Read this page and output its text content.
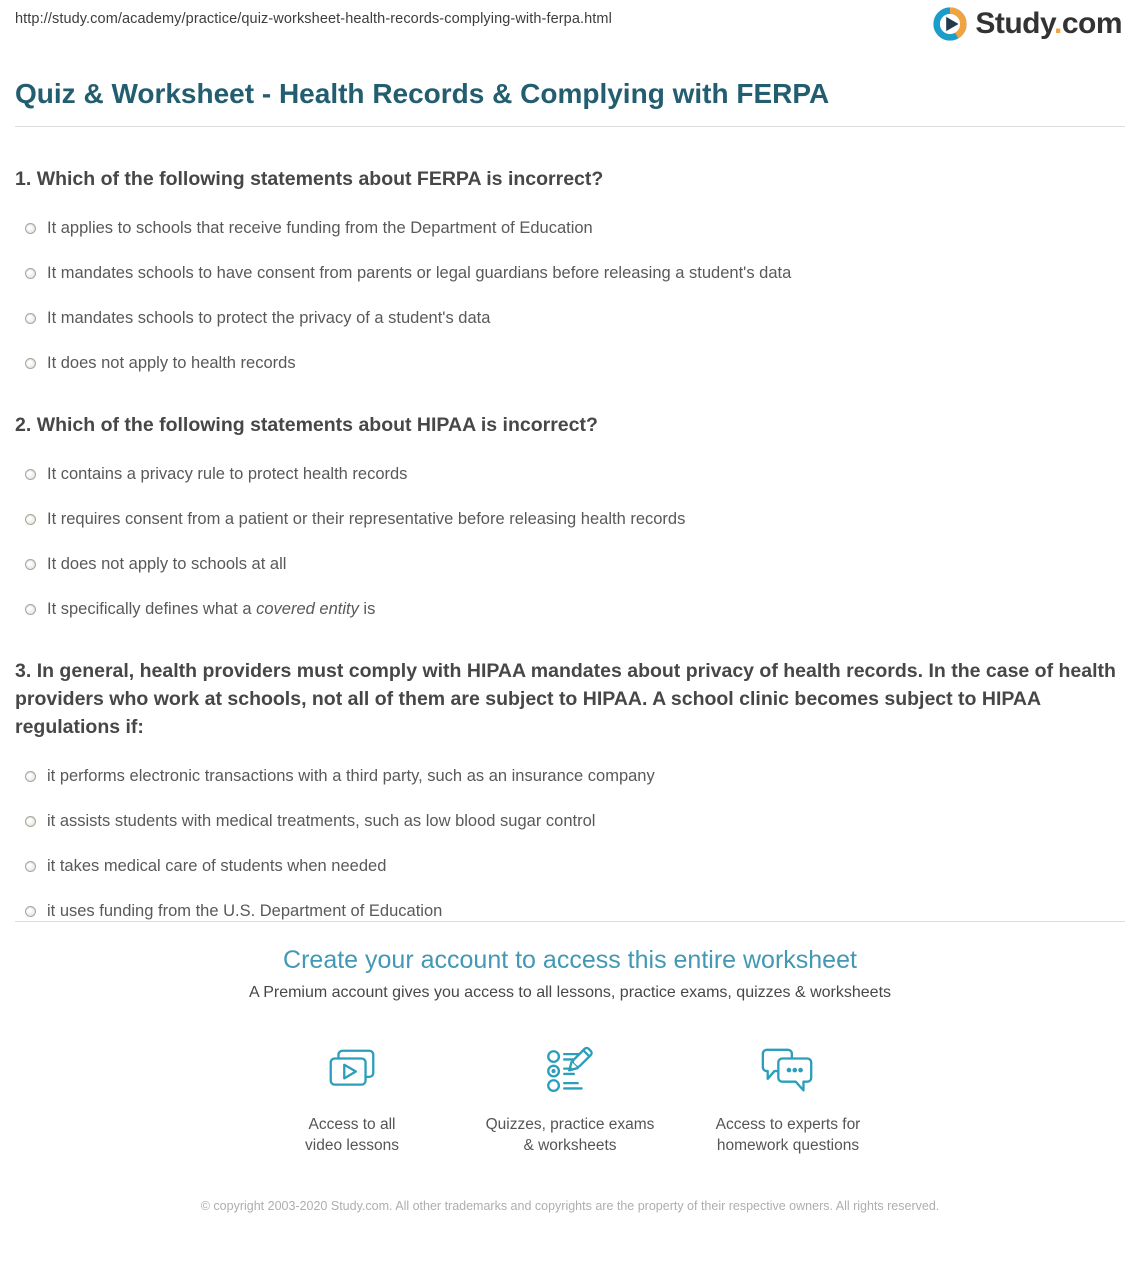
http://study.com/academy/practice/quiz-worksheet-health-records-complying-with-ferpa.html	Study.com
Quiz & Worksheet - Health Records & Complying with FERPA
1. Which of the following statements about FERPA is incorrect?
It applies to schools that receive funding from the Department of Education
It mandates schools to have consent from parents or legal guardians before releasing a student's data
It mandates schools to protect the privacy of a student's data
It does not apply to health records
2. Which of the following statements about HIPAA is incorrect?
It contains a privacy rule to protect health records
It requires consent from a patient or their representative before releasing health records
It does not apply to schools at all
It specifically defines what a covered entity is
3. In general, health providers must comply with HIPAA mandates about privacy of health records. In the case of health providers who work at schools, not all of them are subject to HIPAA. A school clinic becomes subject to HIPAA regulations if:
it performs electronic transactions with a third party, such as an insurance company
it assists students with medical treatments, such as low blood sugar control
it takes medical care of students when needed
it uses funding from the U.S. Department of Education
Create your account to access this entire worksheet

A Premium account gives you access to all lessons, practice exams, quizzes & worksheets

Access to all
video lessons
Quizzes, practice exams
& worksheets
Access to experts for
homework questions
© copyright 2003-2020 Study.com. All other trademarks and copyrights are the property of their respective owners. All rights reserved.
